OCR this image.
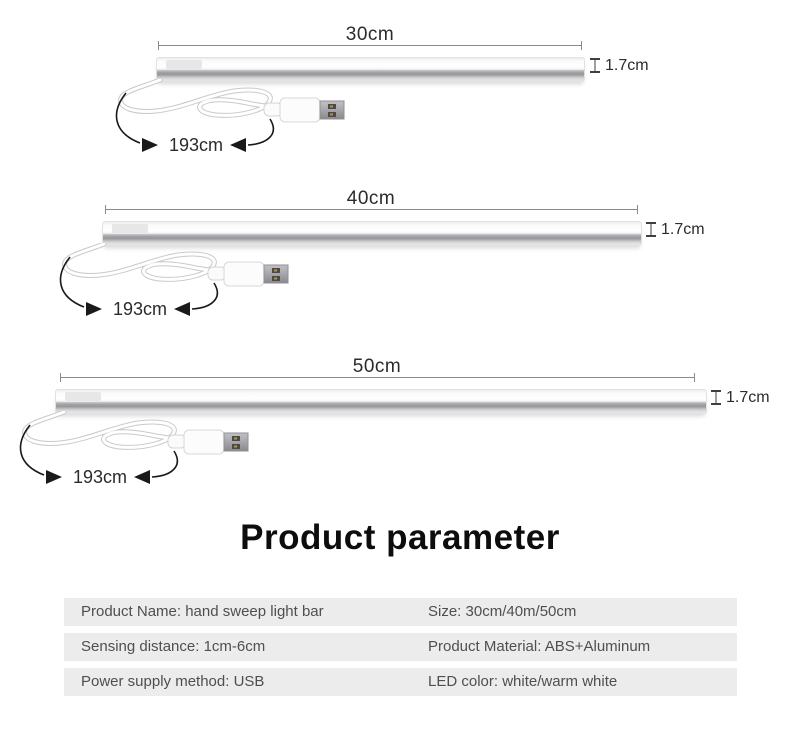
30cm
1.7cm
193cm
40cm
1.7cm
193cm
50cm
1.7cm
193cm
Product parameter
Product Name: hand sweep light bar	Size: 30cm/40m/50cm
Sensing distance: 1cm-6cm	Product Material: ABS+Aluminum
Power supply method: USB	LED color: white/warm white
